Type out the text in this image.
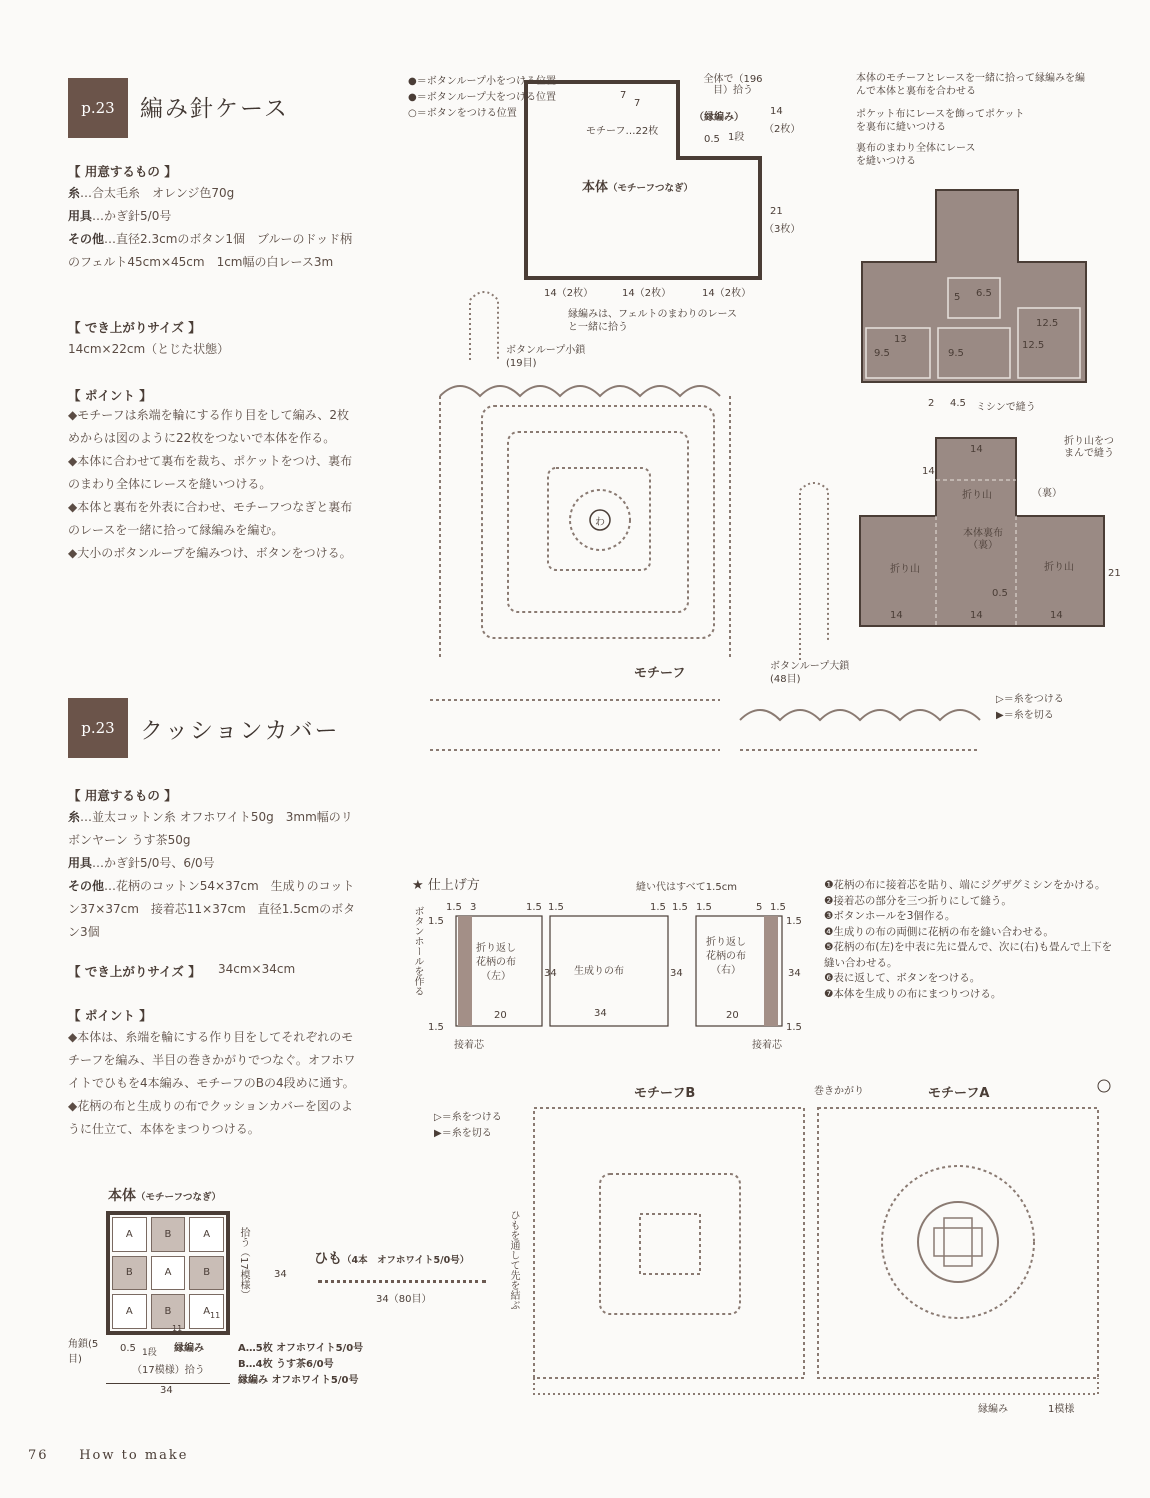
p.23	編み針ケース
【 用意するもの 】
糸…合太毛糸　オレンジ色70g
用具…かぎ針5/0号
その他…直径2.3cmのボタン1個　ブルーのドッド柄のフェルト45cm×45cm　1cm幅の白レース3m
【 でき上がりサイズ 】
14cm×22cm（とじた状態）
【 ポイント 】
◆モチーフは糸端を輪にする作り目をして編み、2枚めからは図のように22枚をつないで本体を作る。
◆本体に合わせて裏布を裁ち、ポケットをつけ、裏布のまわり全体にレースを縫いつける。
◆本体と裏布を外表に合わせ、モチーフつなぎと裏布のレースを一緒に拾って縁編みを編む。
◆大小のボタンループを編みつけ、ボタンをつける。
p.23	クッションカバー
【 用意するもの 】
糸…並太コットン糸 オフホワイト50g　3mm幅のリボンヤーン うす茶50g
用具…かぎ針5/0号、6/0号
その他…花柄のコットン54×37cm　生成りのコットン37×37cm　接着芯11×37cm　直径1.5cmのボタン3個
【 でき上がりサイズ 】 34cm×34cm
【 ポイント 】
◆本体は、糸端を輪にする作り目をしてそれぞれのモチーフを編み、半目の巻きかがりでつなぐ。オフホワイトでひもを4本編み、モチーフのBの4段めに通す。
◆花柄の布と生成りの布でクッションカバーを図のように仕立て、本体をまつりつける。
本体（モチーフつなぎ）
A	B	A
B	A	B
A	B	A
11
11
拾う（17模様）	34
角鎖(5目)
0.5 1段 縁編み
（17模様）拾う
34
A…5枚 オフホワイト5/0号
B…4枚 うす茶6/0号
縁編み オフホワイト5/0号
ひも（4本　オフホワイト5/0号）
34（80目）
●＝ボタンループ小をつける位置
●＝ボタンループ大をつける位置
○＝ボタンをつける位置
モチーフ…22枚
全体で（196目）拾う
（縁編み）
本体（モチーフつなぎ）
14
（2枚）
21
（3枚）
7
7
0.5 1段
14（2枚）	14（2枚）	14（2枚）
本体のモチーフとレースを一緒に拾って縁編みを編んで本体と裏布を合わせる
ポケット布にレースを飾ってポケットを裏布に縫いつける
裏布のまわり全体にレースを縫いつける
5 6.5
13
9.5	9.5
12.5
12.5
2 4.5 ミシンで縫う
折り山
本体裏布（裏）
折り山	折り山
14
14
21
14	14	14
0.5
折り山をつまんで縫う
（裏）
縁編みは、フェルトのまわりのレースと一緒に拾う
ボタンループ小鎖(19目)
ボタンループ大鎖(48目)
モチーフ
▷＝糸をつける
▶＝糸を切る
わ
★ 仕上げ方	縫い代はすべて1.5cm
ボタンホールを作る	折り返し
花柄の布
（左）	生成りの布
折り返し
花柄の布
（右）
接着芯	接着芯
1.5 3	1.5 1.5	1.5 1.5 1.5	5 1.5
34	34	34
20	34	20
1.5
1.5
1.5
1.5
❶花柄の布に接着芯を貼り、端にジグザグミシンをかける。
❷接着芯の部分を三つ折りにして縫う。
❸ボタンホールを3個作る。
❹生成りの布の両側に花柄の布を縫い合わせる。
❺花柄の布(左)を中表に先に畳んで、次に(右)も畳んで上下を縫い合わせる。
❻表に返して、ボタンをつける。
❼本体を生成りの布にまつりつける。
モチーフB	モチーフA
巻きかがり
▷＝糸をつける
▶＝糸を切る
ひもを通して先を結ぶ
縁編み	1模様
76 How to make
